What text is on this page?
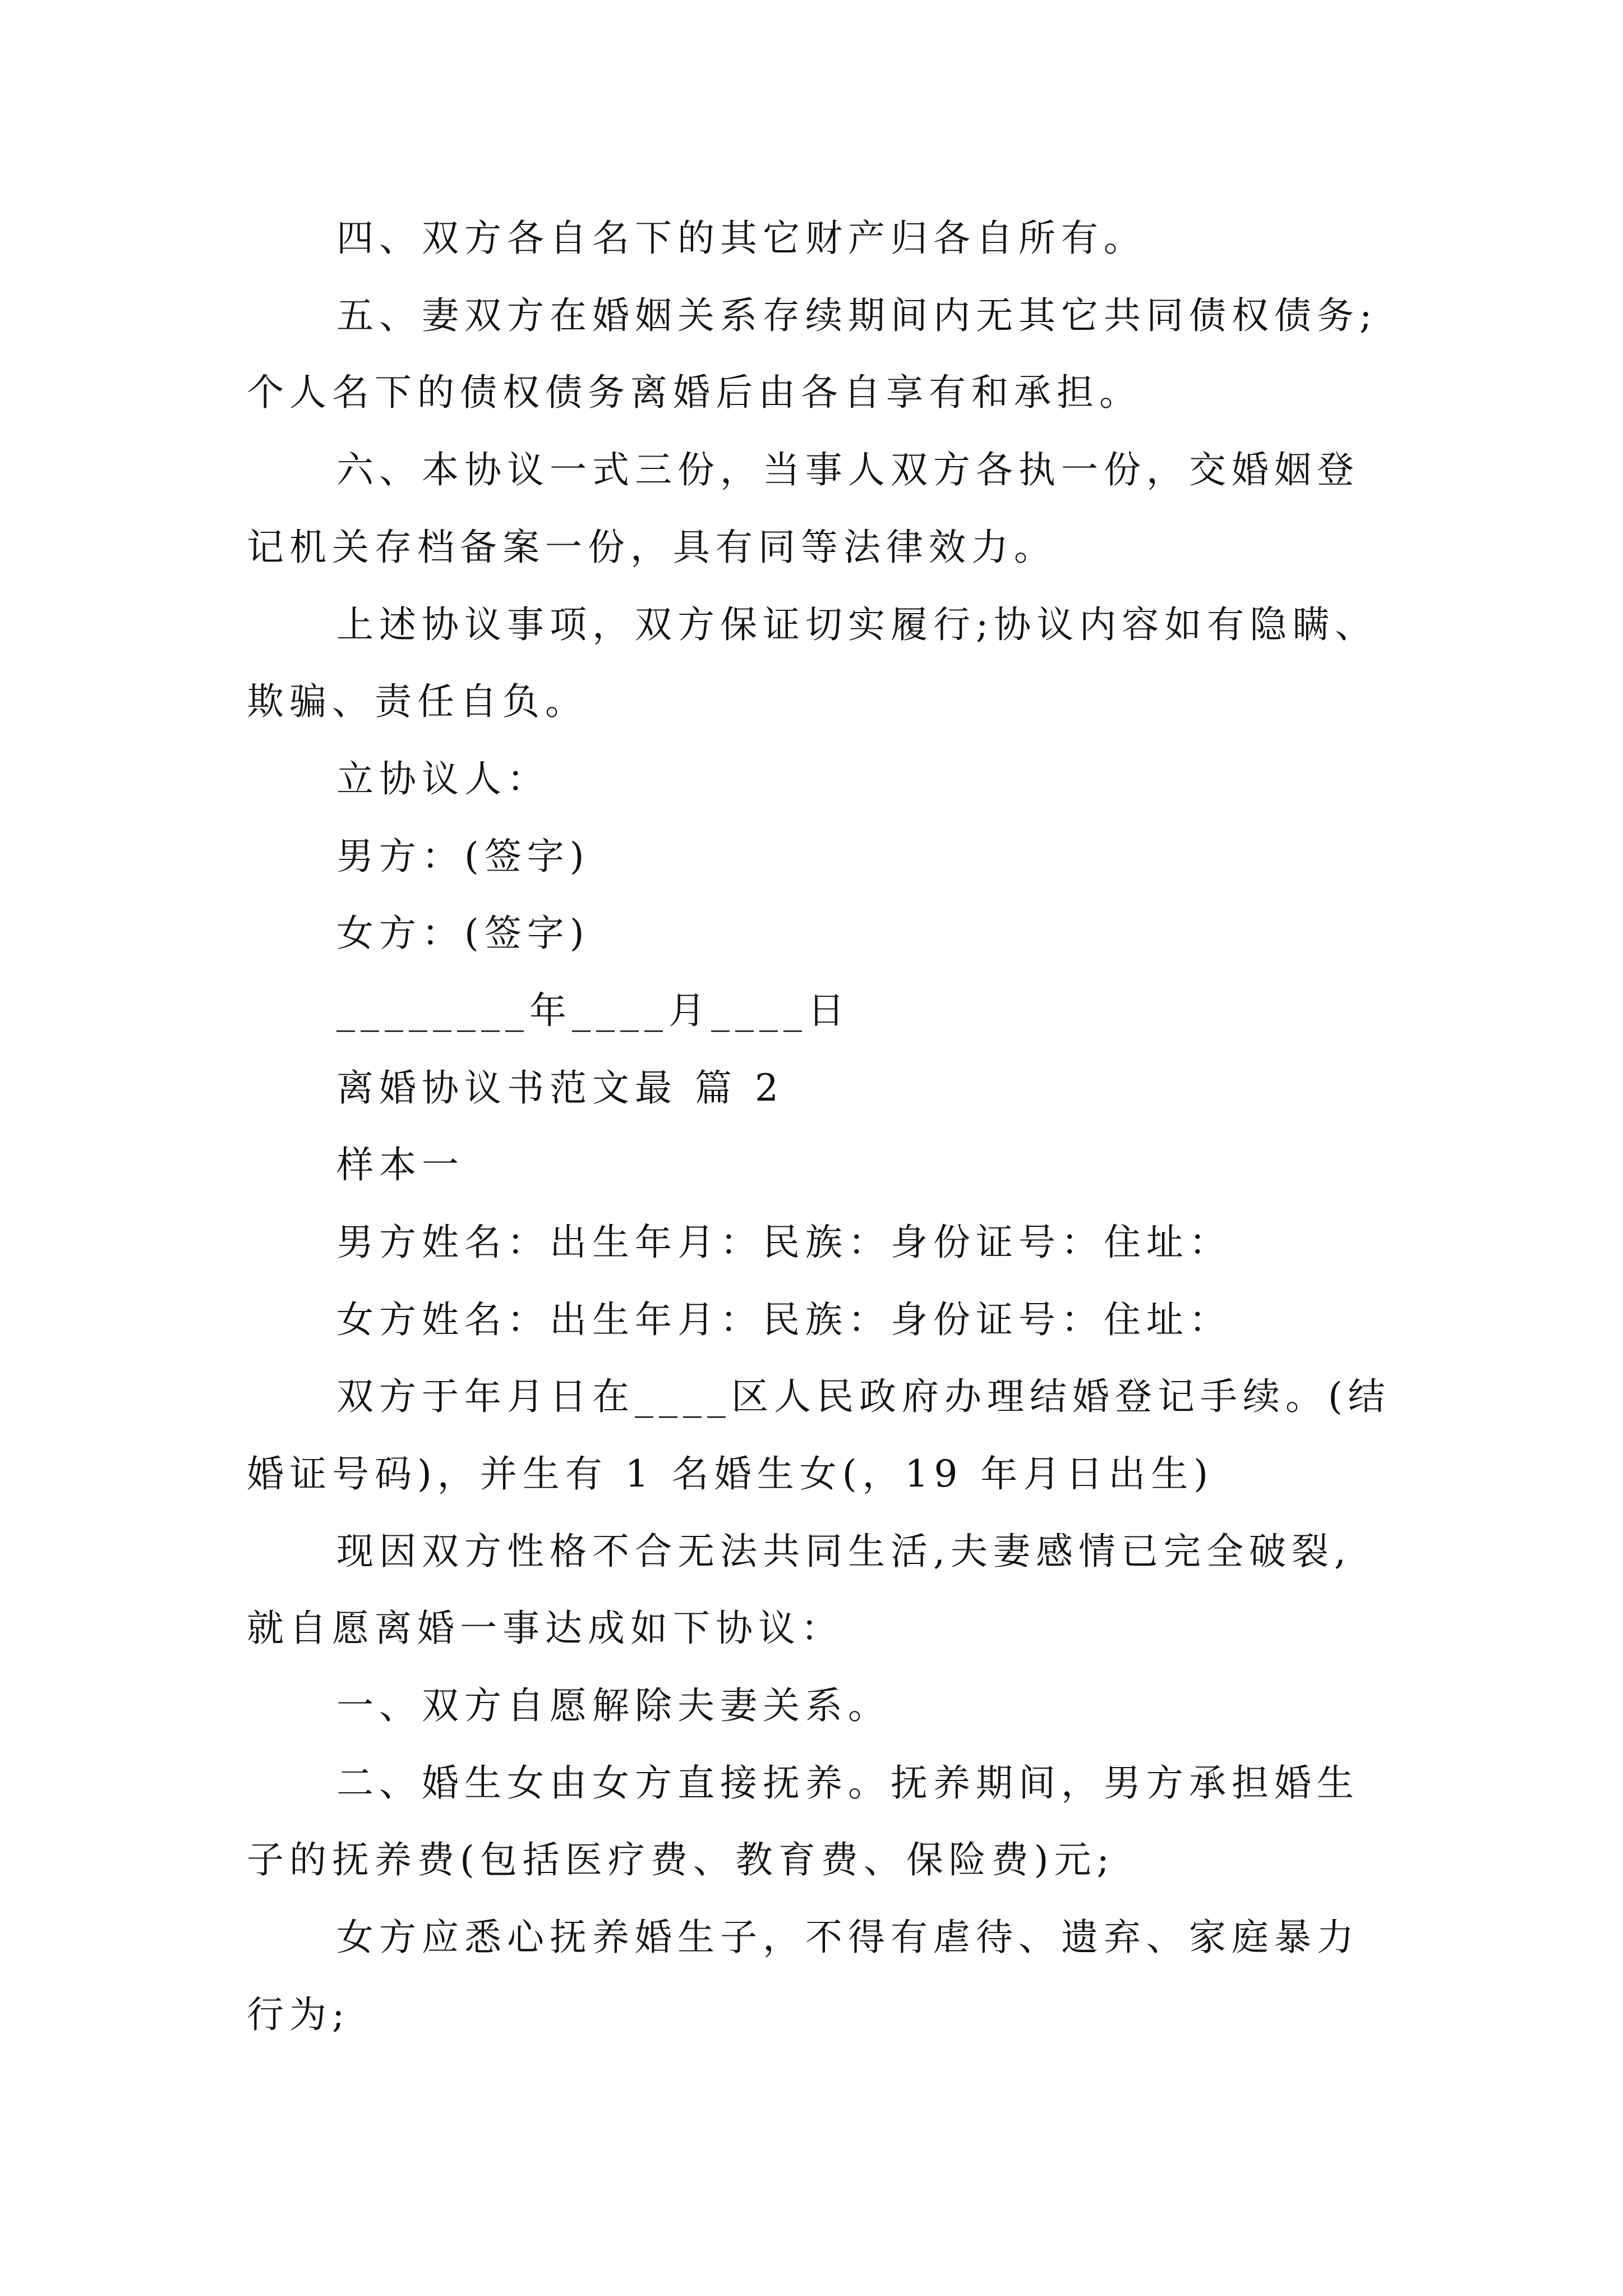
四、双方各自名下的其它财产归各自所有。
五、妻双方在婚姻关系存续期间内无其它共同债权债务;
个人名下的债权债务离婚后由各自享有和承担。
六、本协议一式三份，当事人双方各执一份，交婚姻登
记机关存档备案一份，具有同等法律效力。
上述协议事项，双方保证切实履行;协议内容如有隐瞒、
欺骗、责任自负。
立协议人：
男方：(签字)
女方：(签字)
________年____月____日
离婚协议书范文最 篇 2
样本一
男方姓名：出生年月：民族：身份证号：住址：
女方姓名：出生年月：民族：身份证号：住址：
双方于年月日在____区人民政府办理结婚登记手续。(结
婚证号码)，并生有 1 名婚生女(，19 年月日出生)
现因双方性格不合无法共同生活,夫妻感情已完全破裂,
就自愿离婚一事达成如下协议：
一、双方自愿解除夫妻关系。
二、婚生女由女方直接抚养。抚养期间，男方承担婚生
子的抚养费(包括医疗费、教育费、保险费)元;
女方应悉心抚养婚生子，不得有虐待、遗弃、家庭暴力
行为;
